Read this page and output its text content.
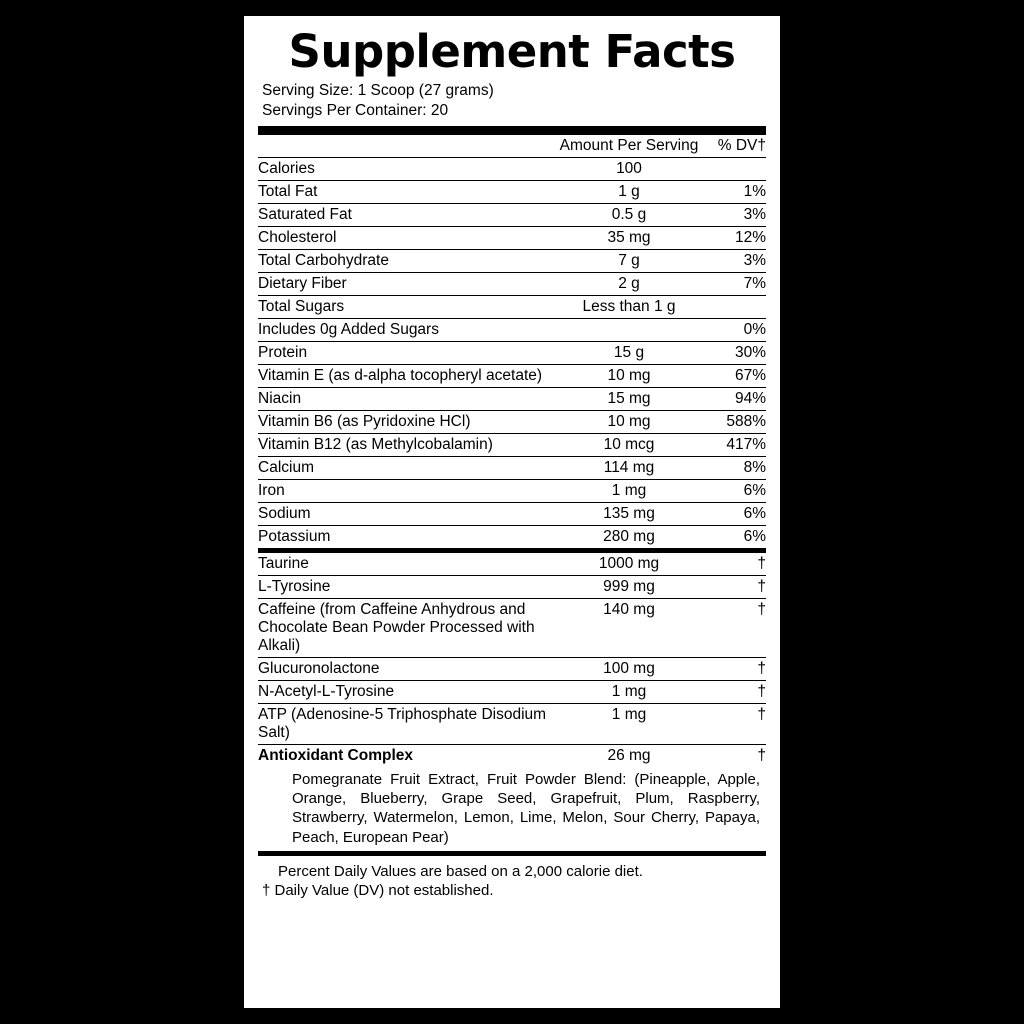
Supplement Facts
Serving Size: 1 Scoop (27 grams)
Servings Per Container: 20
	Amount Per Serving	% DV†
Calories	100	
Total Fat	1 g	1%
Saturated Fat	0.5 g	3%
Cholesterol	35 mg	12%
Total Carbohydrate	7 g	3%
Dietary Fiber	2 g	7%
Total Sugars	Less than 1 g	
Includes 0g Added Sugars		0%
Protein	15 g	30%
Vitamin E (as d-alpha tocopheryl acetate)	10 mg	67%
Niacin	15 mg	94%
Vitamin B6 (as Pyridoxine HCl)	10 mg	588%
Vitamin B12 (as Methylcobalamin)	10 mcg	417%
Calcium	114 mg	8%
Iron	1 mg	6%
Sodium	135 mg	6%
Potassium	280 mg	6%
Taurine	1000 mg	†
L-Tyrosine	999 mg	†
Caffeine (from Caffeine Anhydrous and Chocolate Bean Powder Processed with Alkali)	140 mg	†
Glucuronolactone	100 mg	†
N-Acetyl-L-Tyrosine	1 mg	†
ATP (Adenosine-5 Triphosphate Disodium Salt)	1 mg	†
Antioxidant Complex	26 mg	†
Pomegranate Fruit Extract, Fruit Powder Blend: (Pineapple, Apple, Orange, Blueberry, Grape Seed, Grapefruit, Plum, Raspberry, Strawberry, Watermelon, Lemon, Lime, Melon, Sour Cherry, Papaya, Peach, European Pear)
Percent Daily Values are based on a 2,000 calorie diet.
† Daily Value (DV) not established.
Other Ingredients: Whey Protein Concentrate, Whey Protein Isolate, Carob Pods Powder, Guar Gum Powder, Artificial Flavor, Sodium Chloride, Xanthan Gum Powder, Sucralose, Pink Himalayan Sea Salt, Acesulfame Potassium.
CONTAINS: MILK.
